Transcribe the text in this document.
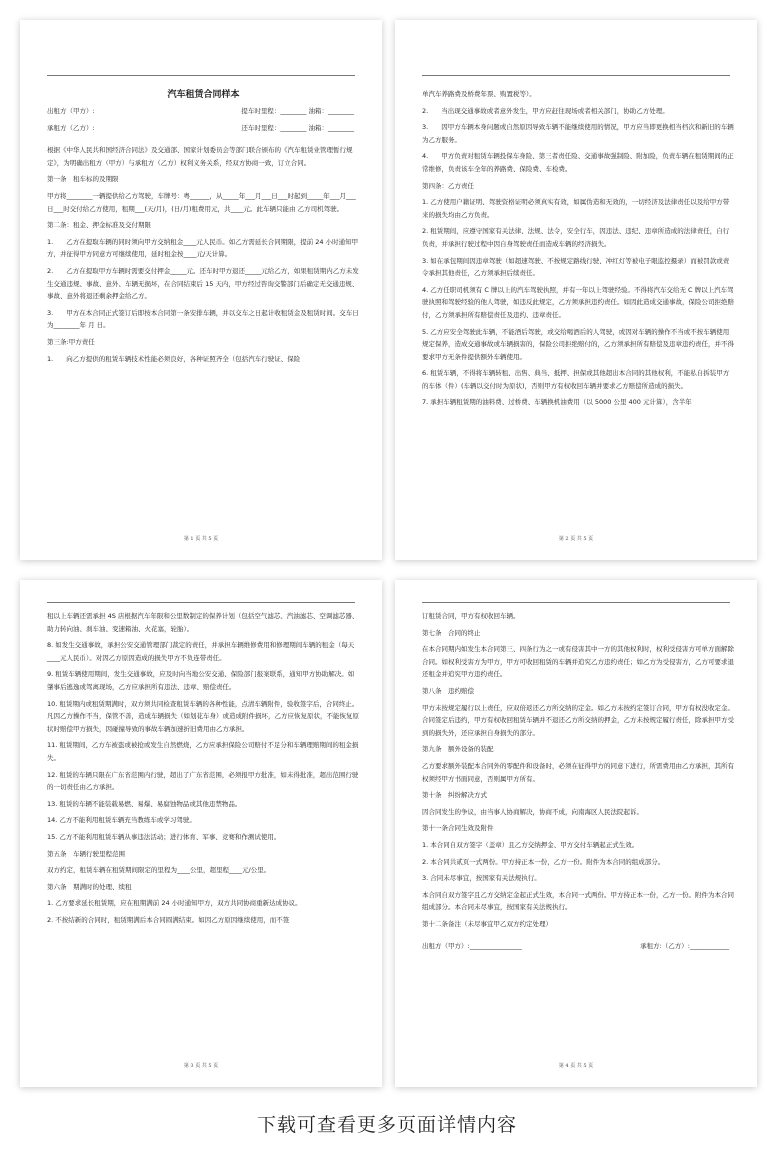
汽车租赁合同样本
出租方（甲方）:	提车时里程：________ 油箱：________
承租方（乙方）:	还车时里程：________ 油箱：________

根据《中华人民共和国经济合同法》及交通部、国家计划委员会等部门联合颁布的《汽车租赁业管理暂行规定》，为明确出租方（甲方）与承租方（乙方）权利义务关系，经双方协商一致，订立合同。

第一条　租车标的及期限

甲方将________一辆提供给乙方驾驶，车牌号：粤______，从_____年___月___日___时起到_____年___月___日___时交付给乙方使用，租期___(天/月)，(日/月)租费用元，共____元。此车辆只能由 乙方司机驾驶。

第二条：租金、押金标准及交付期限

1.　　乙方在提取车辆的同时须向甲方交纳租金____元人民币。如乙方需延长合同期限，提前 24 小时通知甲方，并征得甲方同意方可继续使用，延时租金按____元/天计算。

2.　　乙方在提取甲方车辆时需要交付押金_____元。还车时甲方退还_____元给乙方，如果租赁期内乙方未发生交通违规、事故、意外、车辆无损坏，在合同结束后 15 天内，甲方经过咨询交警部门后确定无交通违规、事故、意外将退还剩余押金给乙方。

3.　　甲方在本合同正式签订后即按本合同第一条安排车辆，并以交车之日起计收租赁金及租赁时间。交车日为________年 月 日。

第三条:甲方责任

1.　　向乙方提供的租赁车辆技术性能必须良好，各种证照齐全（包括汽车行驶证、保险

第 1 页 共 5 页

单汽车养路费及桥费年票、购置税等）。

2.　　当出现交通事故或者意外发生，甲方应赶往现场或者相关部门，协助乙方处理。

3.　　因甲方车辆本身问题或自然原因导致车辆不能继续使用的情况，甲方应当即更换相当档次和新旧的车辆为乙方服务。

4.　　甲方负责对租赁车辆投保车身险、第三者责任险、交通事故强制险、附加险，负责车辆在租赁期间的正常维修，负责该车全年的养路费、保险费、车检费。

第四条：乙方责任

1. 乙方使用户籍证明、驾驶资格证明必须真实有效，如属伪造和无效的，一切经济及法律责任以及给甲方带来的损失均由乙方负责。

2. 租赁期间，应遵守国家有关法律、法规、法令，安全行车，因违法、违纪、违章所造成的法律责任，自行负责，并承担行驶过程中因自身驾驶责任而造成车辆的经济损失。

3. 如在承包期间因违章驾驶（如超速驾驶、不按规定路线行驶、冲红灯等被电子眼监控摄录）而被罚款或责令承担其他责任，乙方须承担后续责任。

4. 乙方任职司机须有 C 牌以上的汽车驾驶执照，并有一年以上驾驶经验。不得将汽车交给无 C 牌以上汽车驾驶执照和驾驶经验的他人驾驶，如违反此规定，乙方须承担违约责任。如因此造成交通事故，保险公司拒绝赔付，乙方须承担所有赔偿责任及违约、违章责任。

5. 乙方应安全驾驶此车辆，不能酒后驾驶，或交给喝酒后的人驾驶，或因对车辆的操作不当或不按车辆使用规定保养，造成交通事故或车辆损害的，保险公司拒绝赔付的，乙方须承担所有赔偿及违章违约责任，并不得要求甲方无条件提供额外车辆使用。

6. 租赁车辆，不得将车辆转租、出售、典当、抵押、担保或其他超出本合同的其他权利，不能私自拆装甲方的车体（件）(车辆以交付时为原状)，否则甲方有权收回车辆并要求乙方赔偿所造成的损失。

7. 承担车辆租赁期的油料费、过桥费、车辆换机油费用（以 5000 公里 400 元计算），含半年

第 2 页 共 5 页

租以上车辆还需承担 4S 店根据汽车年限和公里数制定的保养计划（包括空气滤芯、汽油滤芯、空调滤芯器、助力转向油、刹车油、变速箱油、火花塞，轮胎）。

8. 如发生交通事故，承担公安交通管理部门裁定的责任，并承担车辆维修费用和修理期间车辆的租金（每天____元人民币）。对因乙方原因造成的损失甲方不负连带责任。

9. 租赁车辆使用期间，发生交通事故，应及时向当地公安交通、保险部门报案联系，通知甲方协助解决。如肇事后逃逸或驾离现场，乙方应承担所有违法、违章、赔偿责任。

10. 租赁期内或租赁期满时，双方须共同检查租赁车辆的各种性能，点清车辆附件，验收签字后，合同终止。凡因乙方操作不当，保管不善，造成车辆损失（如划花车身）或造成附件损坏，乙方应恢复原状，不能恢复原状时赔偿甲方损失，因碰撞导致的事故车辆加速折旧费用由乙方承担。

11. 租赁期间，乙方车被盗或被抢或发生自然燃烧，乙方应承担保险公司赔付不足分和车辆理赔期间的租金损失。

12. 租赁的车辆只限在广东省范围内行驶，超出了广东省范围，必须报甲方批准，如未得批准，超出范围行驶的一切责任由乙方承担。

13. 租赁的车辆不能装载易燃、易爆、易腐蚀物品或其他违禁物品。

14. 乙方不能利用租赁车辆充当教练车或学习驾驶。

15. 乙方不能利用租赁车辆从事违法活动；进行体育、军事、竞赛和作测试使用。

第五条　车辆行驶里程范围

双方约定，租赁车辆在租赁期间限定的里程为____公里，超里程____元/公里。

第六条　期满时的处理、续租

1. 乙方要求延长租赁期，应在租期满前 24 小时通知甲方，双方共同协商重新达成协议。

2. 不按结新的合同时，租赁期满后本合同圆满结束。如因乙方原因继续使用，而不签

第 3 页 共 5 页

订租赁合同，甲方有权收回车辆。

第七条　合同的终止

在本合同期内如发生本合同第三、四条行为之一或有侵害其中一方的其他权利时，权利受侵害方可单方面解除合同。如权利受害方为甲方，甲方可收回租赁的车辆并追究乙方违约责任；如乙方为受侵害方，乙方可要求退还租金并追究甲方违约责任。

第八条　违约赔偿

甲方未按规定履行以上责任，应双倍返还乙方所交纳的定金。如乙方未按约定签订合同，甲方有权没收定金。合同签定后违约，甲方有权收回租赁车辆并不退还乙方所交纳的押金，乙方未按规定履行责任，除承担甲方受到的损失外，还应承担自身损失的部分。

第九条　额外设备的装配

乙方要求额外装配本合同外的零配件和设备时，必须在征得甲方的同意下进行，所需费用由乙方承担，其所有权须经甲方书面同意，否则属甲方所有。

第十条　纠纷解决方式

因合同发生的争议，由当事人协商解决，协商不成，向南海区人民法院起诉。

第十一条合同生效及附件

1. 本合同自双方签字（盖章）且乙方交纳押金、甲方交付车辆起正式生效。

2. 本合同共贰页一式两份。甲方持正本一份，乙方一份。附件为本合同的组成部分。

3. 合同未尽事宜，按国家有关法规执行。

本合同自双方签字且乙方交纳定金起正式生效，本合同一式两份。甲方持正本一份，乙方一份。附件为本合同组成部分。本合同未尽事宜，按国家有关法规执行。

第十二条备注（未尽事宜甲乙双方约定处理）

出租方（甲方）:________________	承租方:（乙方）:____________
第 4 页 共 5 页
下载可查看更多页面详情内容
